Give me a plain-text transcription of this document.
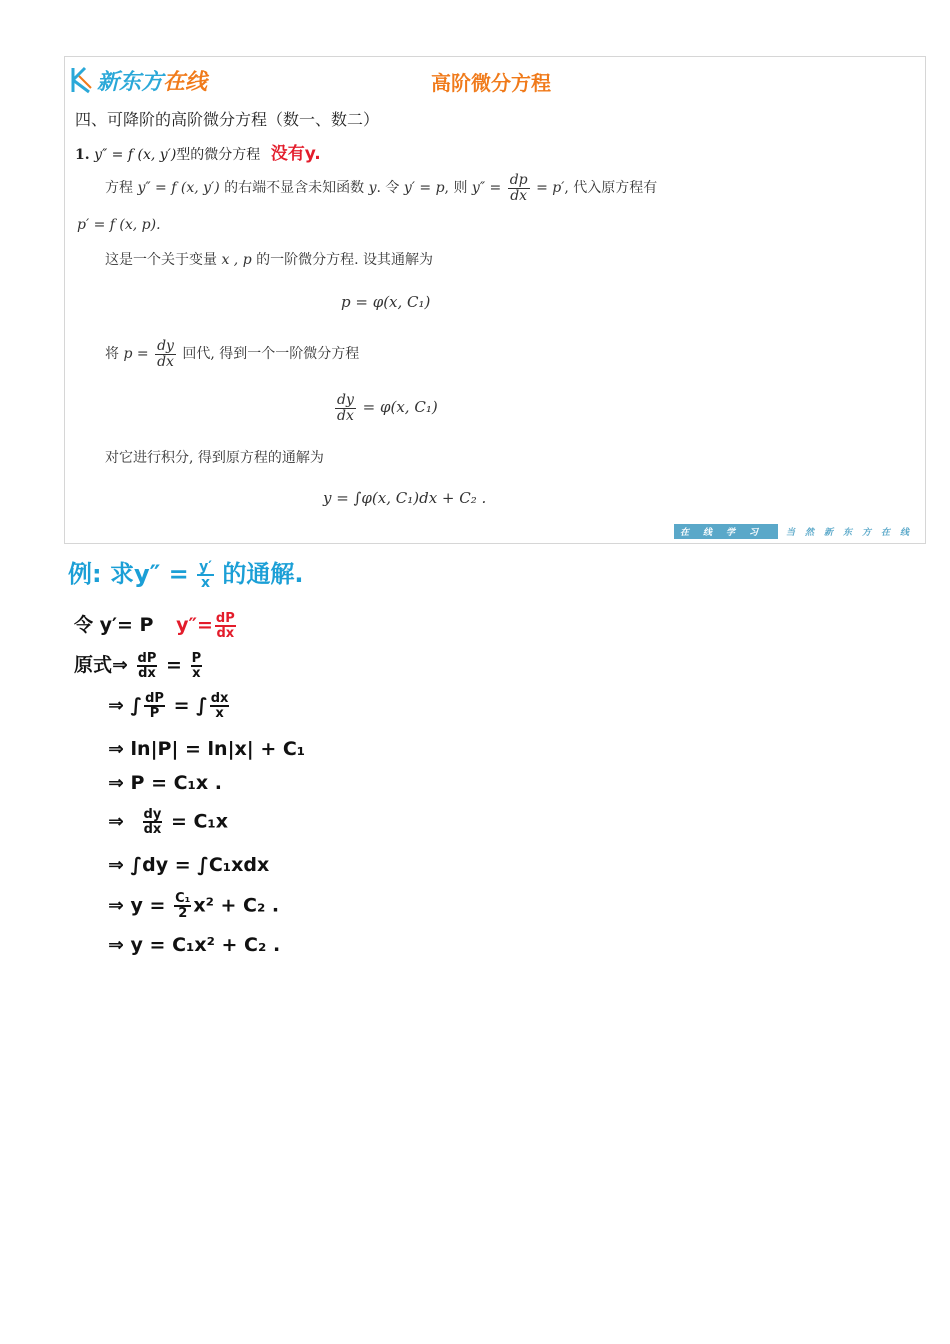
新东方在线	高阶微分方程
四、可降阶的高阶微分方程（数一、数二）
1. y″ = f (x, y′)型的微分方程 没有y.
方程 y″ = f (x, y′) 的右端不显含未知函数 y. 令 y′ = p, 则 $y'' = \frac{dp}{dx} = p'$, 代入原方程有
p′ = f (x, p).
这是一个关于变量 x , p 的一阶微分方程. 设其通解为
p = φ(x, C₁)
将 $p = \frac{dy}{dx}$ 回代, 得到一个一阶微分方程
$\frac{dy}{dx} = \varphi(x$, C₁)
对它进行积分, 得到原方程的通解为
y = ∫φ(x, C₁)dx + C₂ .
在线学习	当然新东方在线
例: 求$y'' = \frac{y'}{x}$ 的通解.
令 y′= P $y''= \frac{dP}{dx}$
原式⇒ $\frac{dP}{dx} = \frac{P}{x}$
⇒ ∫ $\frac{dP}{P}$ = ∫ $\frac{dx}{x}$
⇒ ln|P| = ln|x| + C₁
⇒ P = C₁x .
⇒ $\frac{dy}{dx} = C_1x$
⇒ ∫dy = ∫C₁xdx
⇒ $y = \frac{\text{C₁}}{2} x^2 + C_2$ .
⇒ y = C₁x² + C₂ .
